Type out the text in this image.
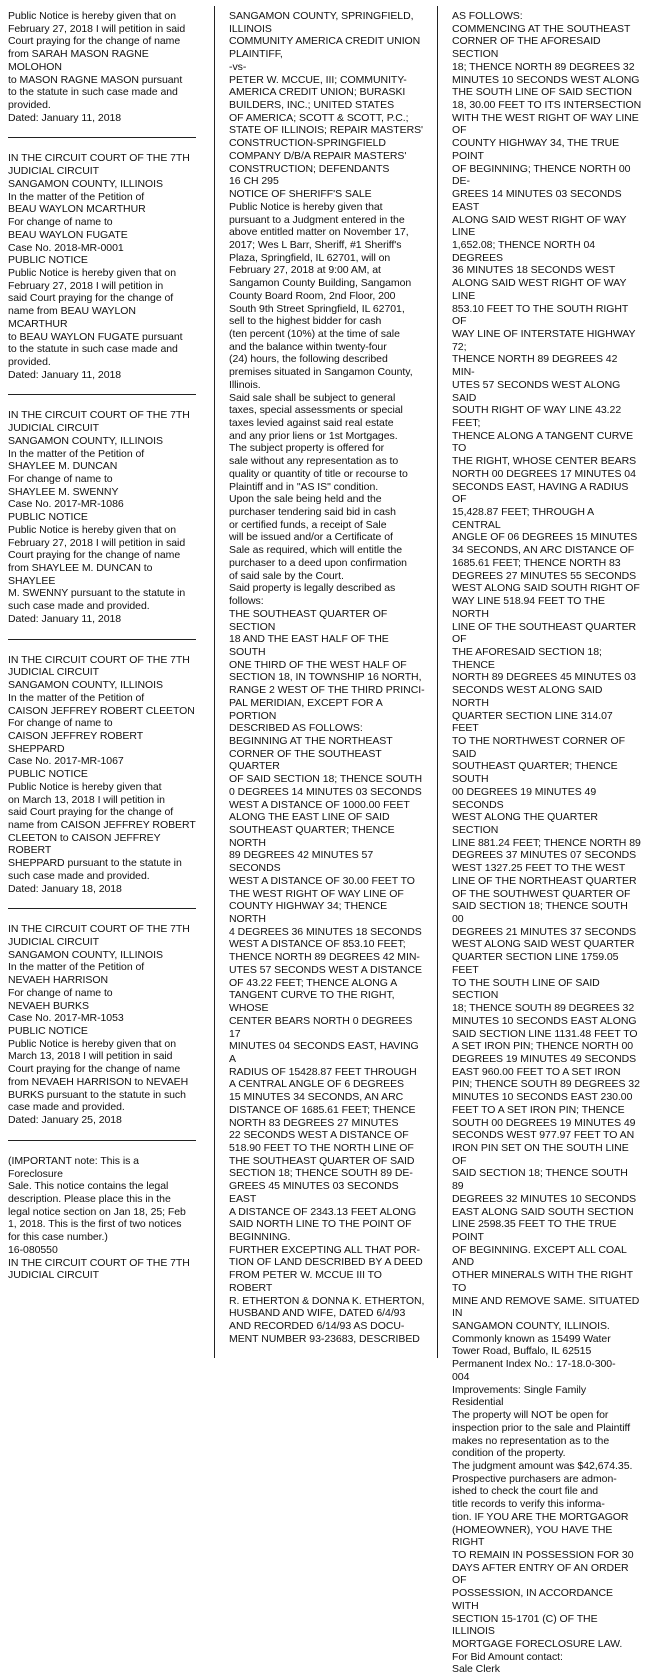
Public Notice is hereby given that on
February 27, 2018 I will petition in said
Court praying for the change of name
from SARAH MASON RAGNE MOLOHON
to MASON RAGNE MASON pursuant
to the statute in such case made and
provided.
Dated: January 11, 2018
IN THE CIRCUIT COURT OF THE 7TH
JUDICIAL CIRCUIT
SANGAMON COUNTY, ILLINOIS
In the matter of the Petition of
BEAU WAYLON MCARTHUR
For change of name to
BEAU WAYLON FUGATE
Case No. 2018-MR-0001
PUBLIC NOTICE
Public Notice is hereby given that on
February 27, 2018 I will petition in
said Court praying for the change of
name from BEAU WAYLON MCARTHUR
to BEAU WAYLON FUGATE pursuant
to the statute in such case made and
provided.
Dated: January 11, 2018
IN THE CIRCUIT COURT OF THE 7TH
JUDICIAL CIRCUIT
SANGAMON COUNTY, ILLINOIS
In the matter of the Petition of
SHAYLEE M. DUNCAN
For change of name to
SHAYLEE M. SWENNY
Case No. 2017-MR-1086
PUBLIC NOTICE
Public Notice is hereby given that on
February 27, 2018 I will petition in said
Court praying for the change of name
from SHAYLEE M. DUNCAN to SHAYLEE
M. SWENNY pursuant to the statute in
such case made and provided.
Dated: January 11, 2018
IN THE CIRCUIT COURT OF THE 7TH
JUDICIAL CIRCUIT
SANGAMON COUNTY, ILLINOIS
In the matter of the Petition of
CAISON JEFFREY ROBERT CLEETON
For change of name to
CAISON JEFFREY ROBERT SHEPPARD
Case No. 2017-MR-1067
PUBLIC NOTICE
Public Notice is hereby given that
on March 13, 2018 I will petition in
said Court praying for the change of
name from CAISON JEFFREY ROBERT
CLEETON to CAISON JEFFREY ROBERT
SHEPPARD pursuant to the statute in
such case made and provided.
Dated: January 18, 2018
IN THE CIRCUIT COURT OF THE 7TH
JUDICIAL CIRCUIT
SANGAMON COUNTY, ILLINOIS
In the matter of the Petition of
NEVAEH HARRISON
For change of name to
NEVAEH BURKS
Case No. 2017-MR-1053
PUBLIC NOTICE
Public Notice is hereby given that on
March 13, 2018 I will petition in said
Court praying for the change of name
from NEVAEH HARRISON to NEVAEH
BURKS pursuant to the statute in such
case made and provided.
Dated: January 25, 2018
(IMPORTANT note: This is a Foreclosure
Sale. This notice contains the legal
description. Please place this in the
legal notice section on Jan 18, 25; Feb
1, 2018. This is the first of two notices
for this case number.)
16-080550
IN THE CIRCUIT COURT OF THE 7TH
JUDICIAL CIRCUIT
SANGAMON COUNTY, SPRINGFIELD,
ILLINOIS
COMMUNITY AMERICA CREDIT UNION
PLAINTIFF,
-vs-
PETER W. MCCUE, III; COMMUNITY-
AMERICA CREDIT UNION; BURASKI
BUILDERS, INC.; UNITED STATES
OF AMERICA; SCOTT & SCOTT, P.C.;
STATE OF ILLINOIS; REPAIR MASTERS'
CONSTRUCTION-SPRINGFIELD
COMPANY D/B/A REPAIR MASTERS'
CONSTRUCTION; DEFENDANTS
16 CH 295
NOTICE OF SHERIFF'S SALE
Public Notice is hereby given that
pursuant to a Judgment entered in the
above entitled matter on November 17,
2017; Wes L Barr, Sheriff, #1 Sheriff's
Plaza, Springfield, IL 62701, will on
February 27, 2018 at 9:00 AM, at
Sangamon County Building, Sangamon
County Board Room, 2nd Floor, 200
South 9th Street Springfield, IL 62701,
sell to the highest bidder for cash
(ten percent (10%) at the time of sale
and the balance within twenty-four
(24) hours, the following described
premises situated in Sangamon County,
Illinois.
Said sale shall be subject to general
taxes, special assessments or special
taxes levied against said real estate
and any prior liens or 1st Mortgages.
The subject property is offered for
sale without any representation as to
quality or quantity of title or recourse to
Plaintiff and in "AS IS" condition.
Upon the sale being held and the
purchaser tendering said bid in cash
or certified funds, a receipt of Sale
will be issued and/or a Certificate of
Sale as required, which will entitle the
purchaser to a deed upon confirmation
of said sale by the Court.
Said property is legally described as
follows:
THE SOUTHEAST QUARTER OF SECTION
18 AND THE EAST HALF OF THE SOUTH
ONE THIRD OF THE WEST HALF OF
SECTION 18, IN TOWNSHIP 16 NORTH,
RANGE 2 WEST OF THE THIRD PRINCI-
PAL MERIDIAN, EXCEPT FOR A PORTION
DESCRIBED AS FOLLOWS:
BEGINNING AT THE NORTHEAST
CORNER OF THE SOUTHEAST QUARTER
OF SAID SECTION 18; THENCE SOUTH
0 DEGREES 14 MINUTES 03 SECONDS
WEST A DISTANCE OF 1000.00 FEET
ALONG THE EAST LINE OF SAID
SOUTHEAST QUARTER; THENCE NORTH
89 DEGREES 42 MINUTES 57 SECONDS
WEST A DISTANCE OF 30.00 FEET TO
THE WEST RIGHT OF WAY LINE OF
COUNTY HIGHWAY 34; THENCE NORTH
4 DEGREES 36 MINUTES 18 SECONDS
WEST A DISTANCE OF 853.10 FEET;
THENCE NORTH 89 DEGREES 42 MIN-
UTES 57 SECONDS WEST A DISTANCE
OF 43.22 FEET; THENCE ALONG A
TANGENT CURVE TO THE RIGHT, WHOSE
CENTER BEARS NORTH 0 DEGREES 17
MINUTES 04 SECONDS EAST, HAVING A
RADIUS OF 15428.87 FEET THROUGH
A CENTRAL ANGLE OF 6 DEGREES
15 MINUTES 34 SECONDS, AN ARC
DISTANCE OF 1685.61 FEET; THENCE
NORTH 83 DEGREES 27 MINUTES
22 SECONDS WEST A DISTANCE OF
518.90 FEET TO THE NORTH LINE OF
THE SOUTHEAST QUARTER OF SAID
SECTION 18; THENCE SOUTH 89 DE-
GREES 45 MINUTES 03 SECONDS EAST
A DISTANCE OF 2343.13 FEET ALONG
SAID NORTH LINE TO THE POINT OF
BEGINNING.
FURTHER EXCEPTING ALL THAT POR-
TION OF LAND DESCRIBED BY A DEED
FROM PETER W. MCCUE III TO ROBERT
R. ETHERTON & DONNA K. ETHERTON,
HUSBAND AND WIFE, DATED 6/4/93
AND RECORDED 6/14/93 AS DOCU-
MENT NUMBER 93-23683, DESCRIBED
AS FOLLOWS:
COMMENCING AT THE SOUTHEAST
CORNER OF THE AFORESAID SECTION
18; THENCE NORTH 89 DEGREES 32
MINUTES 10 SECONDS WEST ALONG
THE SOUTH LINE OF SAID SECTION
18, 30.00 FEET TO ITS INTERSECTION
WITH THE WEST RIGHT OF WAY LINE OF
COUNTY HIGHWAY 34, THE TRUE POINT
OF BEGINNING; THENCE NORTH 00 DE-
GREES 14 MINUTES 03 SECONDS EAST
ALONG SAID WEST RIGHT OF WAY LINE
1,652.08; THENCE NORTH 04 DEGREES
36 MINUTES 18 SECONDS WEST
ALONG SAID WEST RIGHT OF WAY LINE
853.10 FEET TO THE SOUTH RIGHT OF
WAY LINE OF INTERSTATE HIGHWAY 72;
THENCE NORTH 89 DEGREES 42 MIN-
UTES 57 SECONDS WEST ALONG SAID
SOUTH RIGHT OF WAY LINE 43.22 FEET;
THENCE ALONG A TANGENT CURVE TO
THE RIGHT, WHOSE CENTER BEARS
NORTH 00 DEGREES 17 MINUTES 04
SECONDS EAST, HAVING A RADIUS OF
15,428.87 FEET; THROUGH A CENTRAL
ANGLE OF 06 DEGREES 15 MINUTES
34 SECONDS, AN ARC DISTANCE OF
1685.61 FEET; THENCE NORTH 83
DEGREES 27 MINUTES 55 SECONDS
WEST ALONG SAID SOUTH RIGHT OF
WAY LINE 518.94 FEET TO THE NORTH
LINE OF THE SOUTHEAST QUARTER OF
THE AFORESAID SECTION 18; THENCE
NORTH 89 DEGREES 45 MINUTES 03
SECONDS WEST ALONG SAID NORTH
QUARTER SECTION LINE 314.07 FEET
TO THE NORTHWEST CORNER OF SAID
SOUTHEAST QUARTER; THENCE SOUTH
00 DEGREES 19 MINUTES 49 SECONDS
WEST ALONG THE QUARTER SECTION
LINE 881.24 FEET; THENCE NORTH 89
DEGREES 37 MINUTES 07 SECONDS
WEST 1327.25 FEET TO THE WEST
LINE OF THE NORTHEAST QUARTER
OF THE SOUTHWEST QUARTER OF
SAID SECTION 18; THENCE SOUTH 00
DEGREES 21 MINUTES 37 SECONDS
WEST ALONG SAID WEST QUARTER
QUARTER SECTION LINE 1759.05 FEET
TO THE SOUTH LINE OF SAID SECTION
18; THENCE SOUTH 89 DEGREES 32
MINUTES 10 SECONDS EAST ALONG
SAID SECTION LINE 1131.48 FEET TO
A SET IRON PIN; THENCE NORTH 00
DEGREES 19 MINUTES 49 SECONDS
EAST 960.00 FEET TO A SET IRON
PIN; THENCE SOUTH 89 DEGREES 32
MINUTES 10 SECONDS EAST 230.00
FEET TO A SET IRON PIN; THENCE
SOUTH 00 DEGREES 19 MINUTES 49
SECONDS WEST 977.97 FEET TO AN
IRON PIN SET ON THE SOUTH LINE OF
SAID SECTION 18; THENCE SOUTH 89
DEGREES 32 MINUTES 10 SECONDS
EAST ALONG SAID SOUTH SECTION
LINE 2598.35 FEET TO THE TRUE POINT
OF BEGINNING. EXCEPT ALL COAL AND
OTHER MINERALS WITH THE RIGHT TO
MINE AND REMOVE SAME. SITUATED IN
SANGAMON COUNTY, ILLINOIS.
Commonly known as 15499 Water
Tower Road, Buffalo, IL 62515
Permanent Index No.: 17-18.0-300-
004
Improvements: Single Family
Residential
The property will NOT be open for
inspection prior to the sale and Plaintiff
makes no representation as to the
condition of the property.
The judgment amount was $42,674.35.
Prospective purchasers are admon-
ished to check the court file and
title records to verify this informa-
tion. IF YOU ARE THE MORTGAGOR
(HOMEOWNER), YOU HAVE THE RIGHT
TO REMAIN IN POSSESSION FOR 30
DAYS AFTER ENTRY OF AN ORDER OF
POSSESSION, IN ACCORDANCE WITH
SECTION 15-1701 (C) OF THE ILLINOIS
MORTGAGE FORECLOSURE LAW.
For Bid Amount contact:
Sale Clerk
